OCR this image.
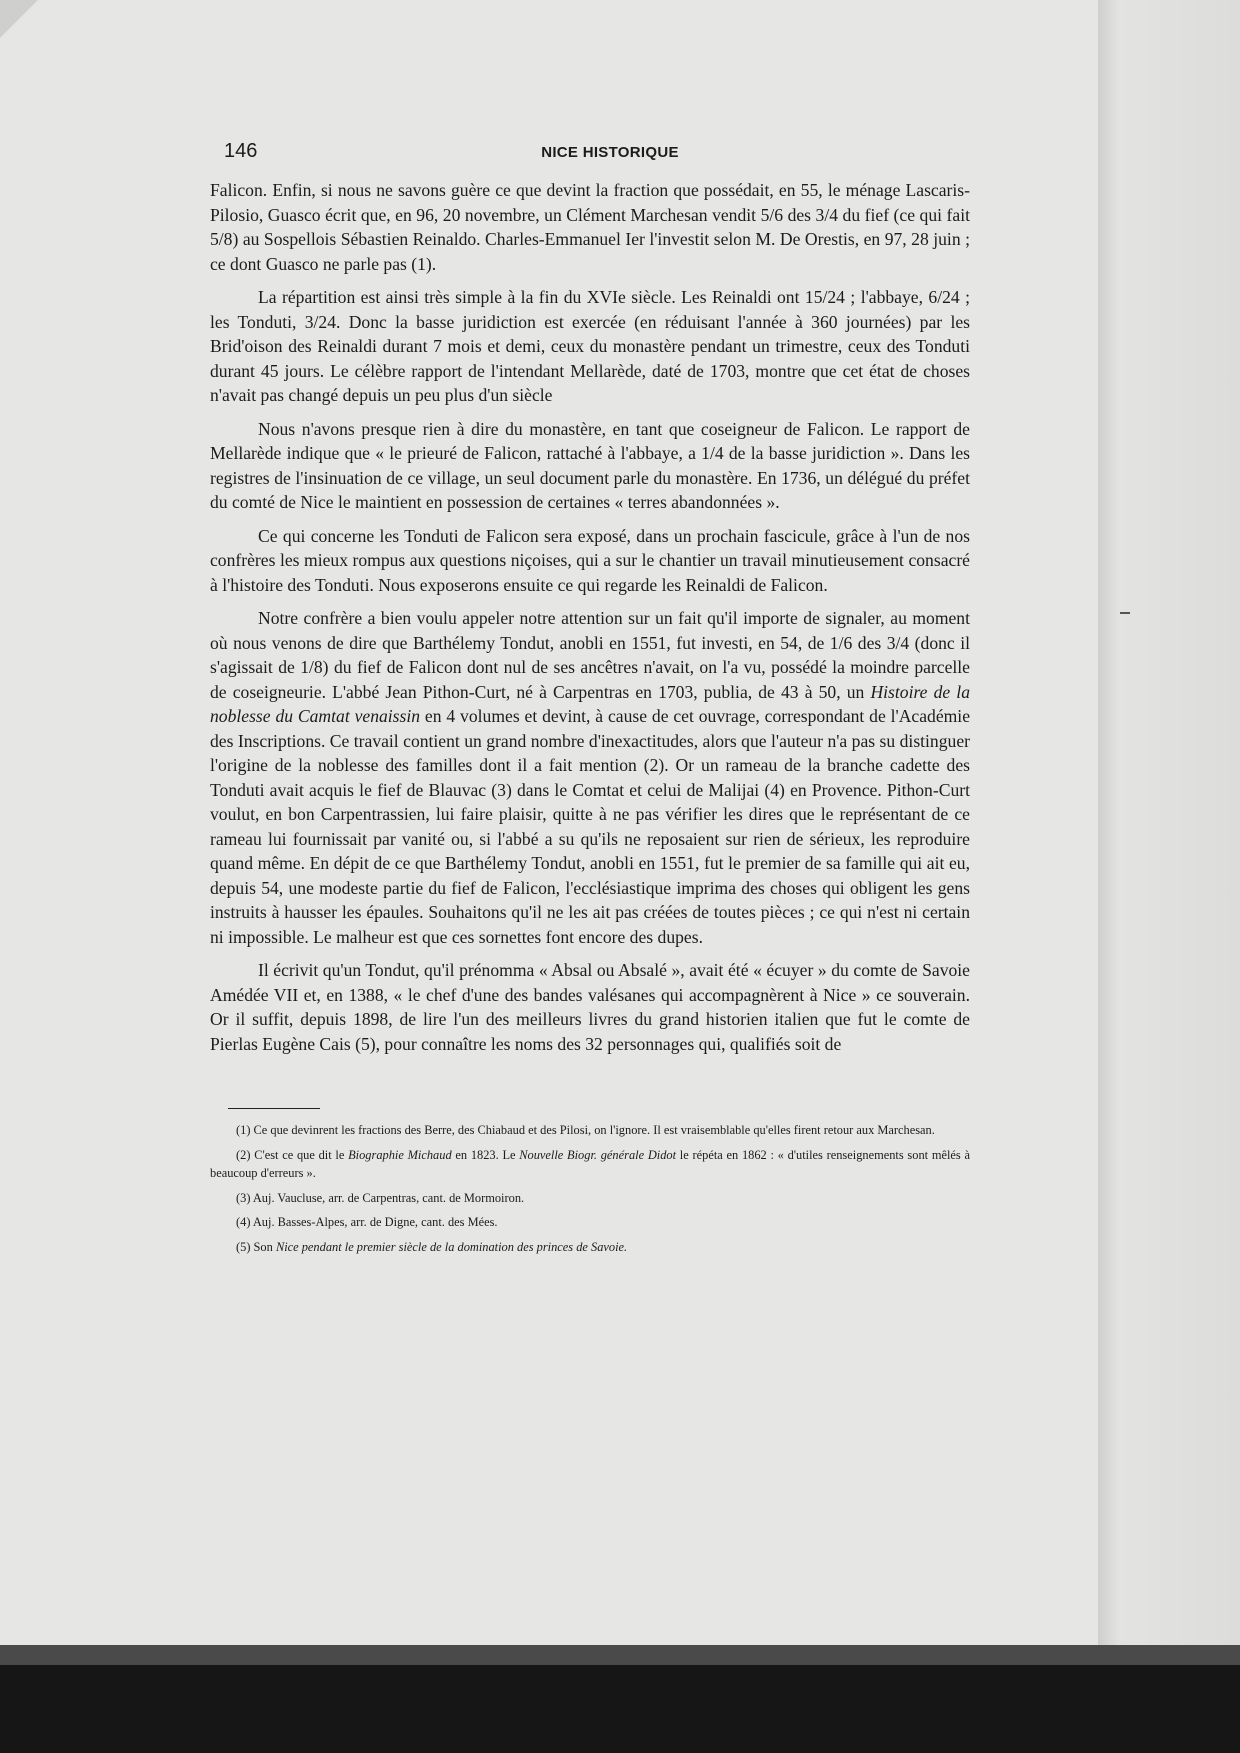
146	NICE HISTORIQUE

Falicon. Enfin, si nous ne savons guère ce que devint la fraction que possédait, en 55, le ménage Lascaris-Pilosio, Guasco écrit que, en 96, 20 novembre, un Clément Marchesan vendit 5/6 des 3/4 du fief (ce qui fait 5/8) au Sospellois Sébastien Reinaldo. Charles-Emmanuel Ier l'investit selon M. De Orestis, en 97, 28 juin ; ce dont Guasco ne parle pas (1).

La répartition est ainsi très simple à la fin du XVIe siècle. Les Reinaldi ont 15/24 ; l'abbaye, 6/24 ; les Tonduti, 3/24. Donc la basse juridiction est exercée (en réduisant l'année à 360 journées) par les Brid'oison des Reinaldi durant 7 mois et demi, ceux du monastère pendant un trimestre, ceux des Tonduti durant 45 jours. Le célèbre rapport de l'intendant Mellarède, daté de 1703, montre que cet état de choses n'avait pas changé depuis un peu plus d'un siècle

Nous n'avons presque rien à dire du monastère, en tant que coseigneur de Falicon. Le rapport de Mellarède indique que « le prieuré de Falicon, rattaché à l'abbaye, a 1/4 de la basse juridiction ». Dans les registres de l'insinuation de ce village, un seul document parle du monastère. En 1736, un délégué du préfet du comté de Nice le maintient en possession de certaines « terres abandonnées ».

Ce qui concerne les Tonduti de Falicon sera exposé, dans un prochain fascicule, grâce à l'un de nos confrères les mieux rompus aux questions niçoises, qui a sur le chantier un travail minutieusement consacré à l'histoire des Tonduti. Nous exposerons ensuite ce qui regarde les Reinaldi de Falicon.

Notre confrère a bien voulu appeler notre attention sur un fait qu'il importe de signaler, au moment où nous venons de dire que Barthélemy Tondut, anobli en 1551, fut investi, en 54, de 1/6 des 3/4 (donc il s'agissait de 1/8) du fief de Falicon dont nul de ses ancêtres n'avait, on l'a vu, possédé la moindre parcelle de coseigneurie. L'abbé Jean Pithon-Curt, né à Carpentras en 1703, publia, de 43 à 50, un Histoire de la noblesse du Camtat venaissin en 4 volumes et devint, à cause de cet ouvrage, correspondant de l'Académie des Inscriptions. Ce travail contient un grand nombre d'inexactitudes, alors que l'auteur n'a pas su distinguer l'origine de la noblesse des familles dont il a fait mention (2). Or un rameau de la branche cadette des Tonduti avait acquis le fief de Blauvac (3) dans le Comtat et celui de Malijai (4) en Provence. Pithon-Curt voulut, en bon Carpentrassien, lui faire plaisir, quitte à ne pas vérifier les dires que le représentant de ce rameau lui fournissait par vanité ou, si l'abbé a su qu'ils ne reposaient sur rien de sérieux, les reproduire quand même. En dépit de ce que Barthélemy Tondut, anobli en 1551, fut le premier de sa famille qui ait eu, depuis 54, une modeste partie du fief de Falicon, l'ecclésiastique imprima des choses qui obligent les gens instruits à hausser les épaules. Souhaitons qu'il ne les ait pas créées de toutes pièces ; ce qui n'est ni certain ni impossible. Le malheur est que ces sornettes font encore des dupes.

Il écrivit qu'un Tondut, qu'il prénomma « Absal ou Absalé », avait été « écuyer » du comte de Savoie Amédée VII et, en 1388, « le chef d'une des bandes valésanes qui accompagnèrent à Nice » ce souverain. Or il suffit, depuis 1898, de lire l'un des meilleurs livres du grand historien italien que fut le comte de Pierlas Eugène Cais (5), pour connaître les noms des 32 personnages qui, qualifiés soit de

(1) Ce que devinrent les fractions des Berre, des Chiabaud et des Pilosi, on l'ignore. Il est vraisemblable qu'elles firent retour aux Marchesan.

(2) C'est ce que dit le Biographie Michaud en 1823. Le Nouvelle Biogr. générale Didot le répéta en 1862 : « d'utiles renseignements sont mêlés à beaucoup d'erreurs ».

(3) Auj. Vaucluse, arr. de Carpentras, cant. de Mormoiron.

(4) Auj. Basses-Alpes, arr. de Digne, cant. des Mées.

(5) Son Nice pendant le premier siècle de la domination des princes de Savoie.
